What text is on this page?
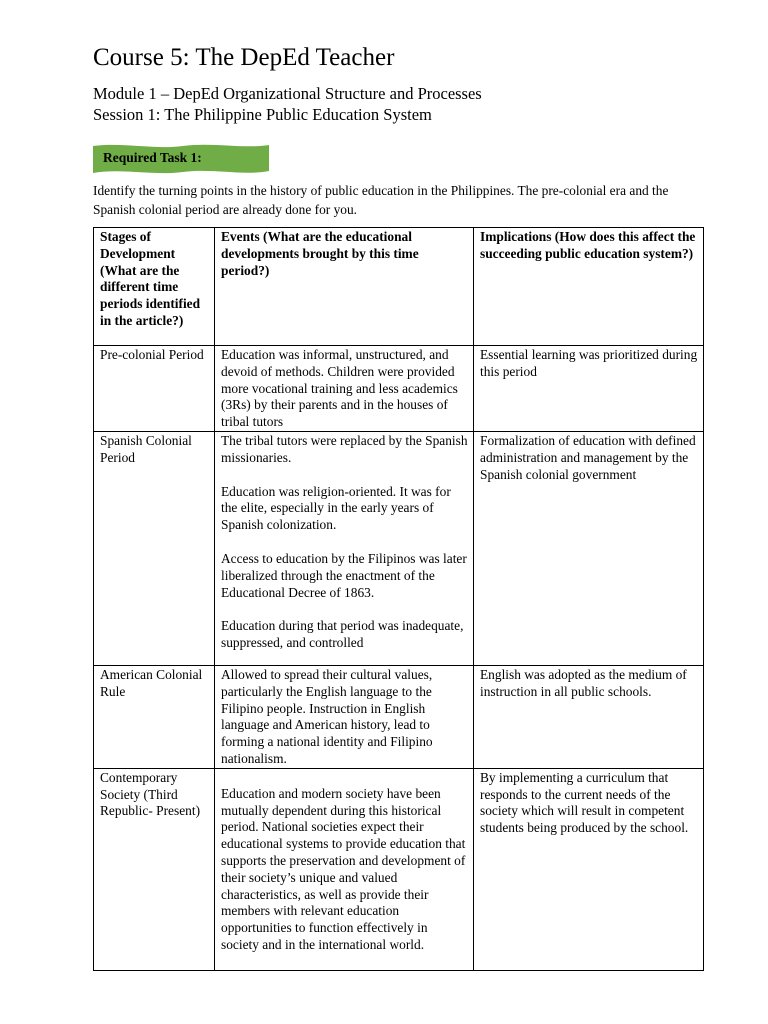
Course 5: The DepEd Teacher
Module 1 – DepEd Organizational Structure and Processes
Session 1: The Philippine Public Education System
Required Task 1:
Identify the turning points in the history of public education in the Philippines. The pre-colonial era and the Spanish colonial period are already done for you.
Stages of Development (What are the different time periods identified in the article?)	Events (What are the educational developments brought by this time period?)	Implications (How does this affect the succeeding public education system?)
Pre-colonial Period	Education was informal, unstructured, and devoid of methods. Children were provided more vocational training and less academics (3Rs) by their parents and in the houses of tribal tutors	Essential learning was prioritized during this period
Spanish Colonial Period	The tribal tutors were replaced by the Spanish missionaries.
Education was religion-oriented. It was for the elite, especially in the early years of Spanish colonization.
Access to education by the Filipinos was later liberalized through the enactment of the Educational Decree of 1863.
Education during that period was inadequate, suppressed, and controlled	Formalization of education with defined administration and management by the Spanish colonial government
American Colonial Rule	Allowed to spread their cultural values, particularly the English language to the Filipino people. Instruction in English language and American history, lead to forming a national identity and Filipino nationalism.	English was adopted as the medium of instruction in all public schools.
Contemporary Society (Third Republic- Present)	Education and modern society have been mutually dependent during this historical period. National societies expect their educational systems to provide education that supports the preservation and development of their society’s unique and valued characteristics, as well as provide their members with relevant education opportunities to function effectively in society and in the international world.	By implementing a curriculum that responds to the current needs of the society which will result in competent students being produced by the school.
